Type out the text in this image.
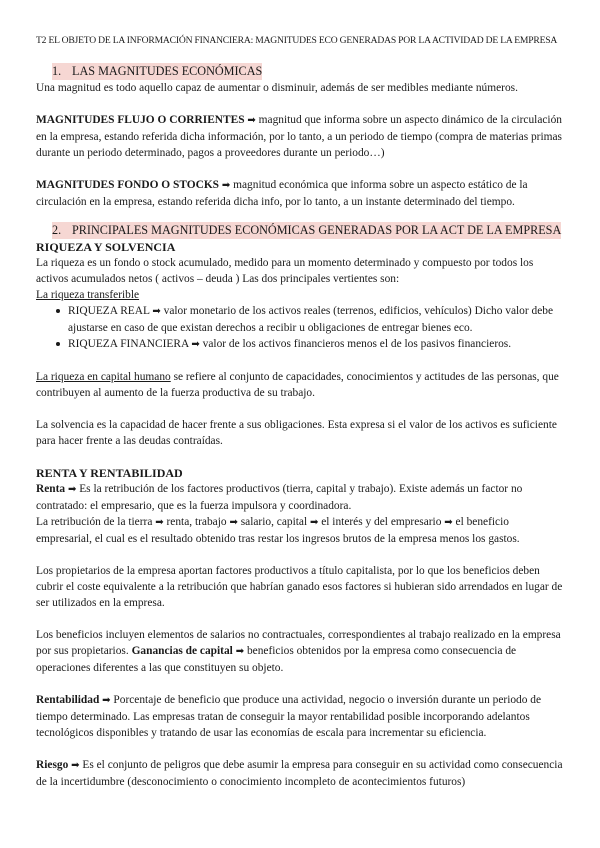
T2 EL OBJETO DE LA INFORMACIÓN FINANCIERA: MAGNITUDES ECO GENERADAS POR LA ACTIVIDAD DE LA EMPRESA
1. LAS MAGNITUDES ECONÓMICAS

Una magnitud es todo aquello capaz de aumentar o disminuir, además de ser medibles mediante números.

MAGNITUDES FLUJO O CORRIENTES ➡ magnitud que informa sobre un aspecto dinámico de la circulación en la empresa, estando referida dicha información, por lo tanto, a un periodo de tiempo (compra de materias primas durante un periodo determinado, pagos a proveedores durante un periodo…)

MAGNITUDES FONDO O STOCKS ➡ magnitud económica que informa sobre un aspecto estático de la circulación en la empresa, estando referida dicha info, por lo tanto, a un instante determinado del tiempo.

2. PRINCIPALES MAGNITUDES ECONÓMICAS GENERADAS POR LA ACT DE LA EMPRESA

RIQUEZA Y SOLVENCIA

La riqueza es un fondo o stock acumulado, medido para un momento determinado y compuesto por todos los activos acumulados netos ( activos – deuda ) Las dos principales vertientes son:

La riqueza transferible

RIQUEZA REAL ➡ valor monetario de los activos reales (terrenos, edificios, vehículos) Dicho valor debe ajustarse en caso de que existan derechos a recibir u obligaciones de entregar bienes eco.
RIQUEZA FINANCIERA ➡ valor de los activos financieros menos el de los pasivos financieros.

La riqueza en capital humano se refiere al conjunto de capacidades, conocimientos y actitudes de las personas, que contribuyen al aumento de la fuerza productiva de su trabajo.

La solvencia es la capacidad de hacer frente a sus obligaciones. Esta expresa si el valor de los activos es suficiente para hacer frente a las deudas contraídas.

RENTA Y RENTABILIDAD

Renta ➡ Es la retribución de los factores productivos (tierra, capital y trabajo). Existe además un factor no contratado: el empresario, que es la fuerza impulsora y coordinadora.

La retribución de la tierra ➡ renta, trabajo ➡ salario, capital ➡ el interés y del empresario ➡ el beneficio empresarial, el cual es el resultado obtenido tras restar los ingresos brutos de la empresa menos los gastos.

Los propietarios de la empresa aportan factores productivos a título capitalista, por lo que los beneficios deben cubrir el coste equivalente a la retribución que habrían ganado esos factores si hubieran sido arrendados en lugar de ser utilizados en la empresa.

Los beneficios incluyen elementos de salarios no contractuales, correspondientes al trabajo realizado en la empresa por sus propietarios. Ganancias de capital ➡ beneficios obtenidos por la empresa como consecuencia de operaciones diferentes a las que constituyen su objeto.

Rentabilidad ➡ Porcentaje de beneficio que produce una actividad, negocio o inversión durante un periodo de tiempo determinado. Las empresas tratan de conseguir la mayor rentabilidad posible incorporando adelantos tecnológicos disponibles y tratando de usar las economías de escala para incrementar su eficiencia.

Riesgo ➡ Es el conjunto de peligros que debe asumir la empresa para conseguir en su actividad como consecuencia de la incertidumbre (desconocimiento o conocimiento incompleto de acontecimientos futuros)
